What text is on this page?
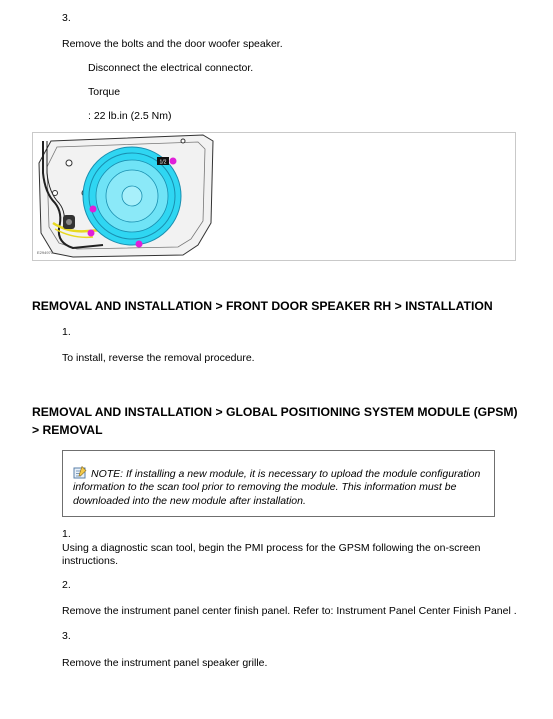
3.
Remove the bolts and the door woofer speaker.
Disconnect the electrical connector.
Torque
: 22 lb.in (2.5 Nm)
1/2
E294970
REMOVAL AND INSTALLATION > FRONT DOOR SPEAKER RH > INSTALLATION
1.
To install, reverse the removal procedure.
REMOVAL AND INSTALLATION > GLOBAL POSITIONING SYSTEM MODULE (GPSM)
> REMOVAL
NOTE: If installing a new module, it is necessary to upload the module configuration information to the scan tool prior to removing the module. This information must be downloaded into the new module after installation.
1.
Using a diagnostic scan tool, begin the PMI process for the GPSM following the on-screen instructions.
2.
Remove the instrument panel center finish panel. Refer to: Instrument Panel Center Finish Panel .
3.
Remove the instrument panel speaker grille.
